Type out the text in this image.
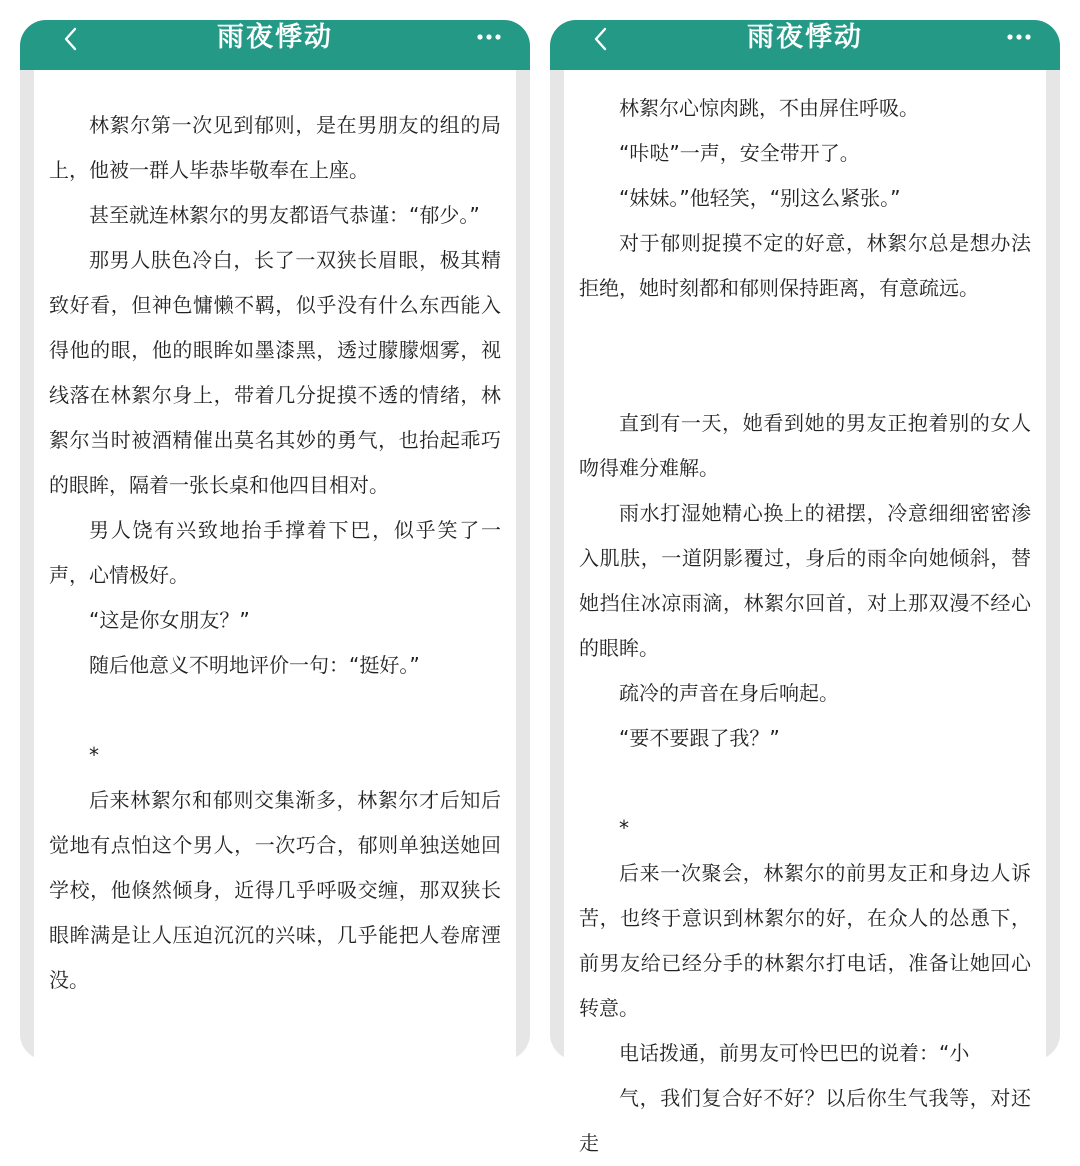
雨夜悸动

林絮尔第一次见到郁则，是在男朋友的组的局上，他被一群人毕恭毕敬奉在上座。

甚至就连林絮尔的男友都语气恭谨：“郁少。”

那男人肤色冷白，长了一双狭长眉眼，极其精致好看，但神色慵懒不羁，似乎没有什么东西能入得他的眼，他的眼眸如墨漆黑，透过朦朦烟雾，视线落在林絮尔身上，带着几分捉摸不透的情绪，林絮尔当时被酒精催出莫名其妙的勇气，也抬起乖巧的眼眸，隔着一张长桌和他四目相对。

男人饶有兴致地抬手撑着下巴，似乎笑了一声，心情极好。

“这是你女朋友？”

随后他意义不明地评价一句：“挺好。”

*

后来林絮尔和郁则交集渐多，林絮尔才后知后觉地有点怕这个男人，一次巧合，郁则单独送她回学校，他倏然倾身，近得几乎呼吸交缠，那双狭长眼眸满是让人压迫沉沉的兴味，几乎能把人卷席湮没。

雨夜悸动

林絮尔心惊肉跳，不由屏住呼吸。

“咔哒”一声，安全带开了。

“妹妹。”他轻笑，“别这么紧张。”

对于郁则捉摸不定的好意，林絮尔总是想办法拒绝，她时刻都和郁则保持距离，有意疏远。

直到有一天，她看到她的男友正抱着别的女人吻得难分难解。

雨水打湿她精心换上的裙摆，冷意细细密密渗入肌肤，一道阴影覆过，身后的雨伞向她倾斜，替她挡住冰凉雨滴，林絮尔回首，对上那双漫不经心的眼眸。

疏冷的声音在身后响起。

“要不要跟了我？”

*

后来一次聚会，林絮尔的前男友正和身边人诉苦，也终于意识到林絮尔的好，在众人的怂恿下，前男友给已经分手的林絮尔打电话，准备让她回心转意。

电话拨通，前男友可怜巴巴的说着：“小

气，我们复合好不好？以后你生气我等，对还走
